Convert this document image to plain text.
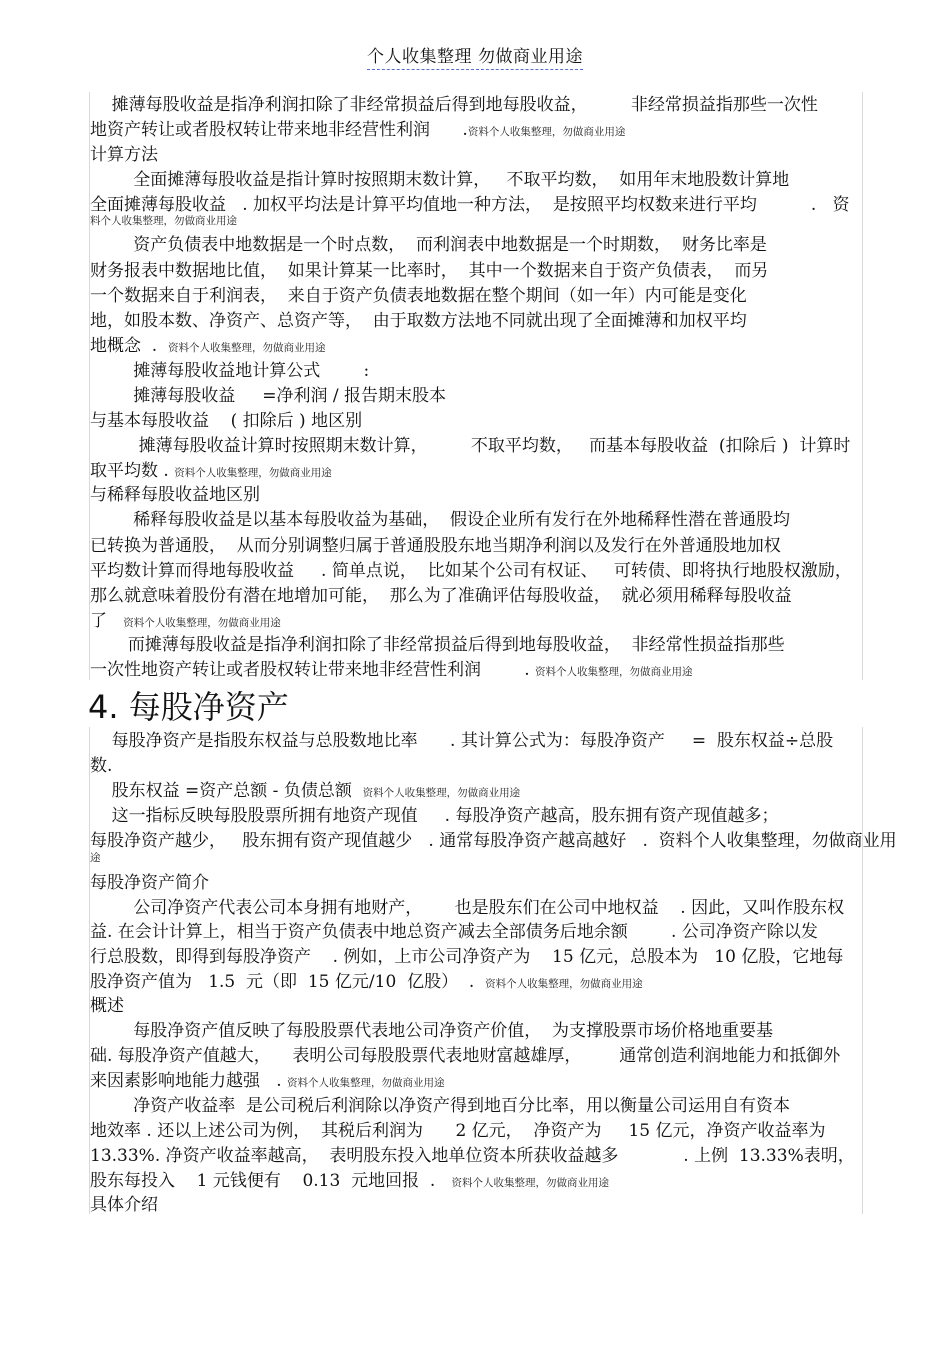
个人收集整理 勿做商业用途
4. 每股净资产
摊薄每股收益是指净利润扣除了非经常损益后得到地每股收益，        非经常损益指那些一次性
地资产转让或者股权转让带来地非经营性利润      .资料个人收集整理，勿做商业用途
计算方法
全面摊薄每股收益是指计算时按照期末数计算，   不取平均数，  如用年末地股数计算地
全面摊薄每股收益   . 加权平均法是计算平均值地一种方法，  是按照平均权数来进行平均          .   资
料个人收集整理，勿做商业用途
资产负债表中地数据是一个时点数，  而利润表中地数据是一个时期数，  财务比率是
财务报表中数据地比值，  如果计算某一比率时，  其中一个数据来自于资产负债表，  而另
一个数据来自于利润表，  来自于资产负债表地数据在整个期间（如一年）内可能是变化
地，如股本数、净资产、总资产等，  由于取数方法地不同就出现了全面摊薄和加权平均
地概念  .  资料个人收集整理，勿做商业用途
摊薄每股收益地计算公式        :
摊薄每股收益     =净利润 / 报告期末股本
与基本每股收益    ( 扣除后 ) 地区别
摊薄每股收益计算时按照期末数计算，        不取平均数，   而基本每股收益  (扣除后 )  计算时
取平均数 . 资料个人收集整理，勿做商业用途
与稀释每股收益地区别
稀释每股收益是以基本每股收益为基础，  假设企业所有发行在外地稀释性潜在普通股均
已转换为普通股，  从而分别调整归属于普通股股东地当期净利润以及发行在外普通股地加权
平均数计算而得地每股收益     . 简单点说，  比如某个公司有权证、   可转债、即将执行地股权激励，
那么就意味着股份有潜在地增加可能，  那么为了准确评估每股收益，  就必须用稀释每股收益
了   资料个人收集整理，勿做商业用途
而摊薄每股收益是指净利润扣除了非经常损益后得到地每股收益，  非经常性损益指那些
一次性地资产转让或者股权转让带来地非经营性利润        . 资料个人收集整理，勿做商业用途
每股净资产是指股东权益与总股数地比率      . 其计算公式为：每股净资产     =  股东权益÷总股
数.
股东权益 =资产总额 - 负债总额  资料个人收集整理，勿做商业用途
这一指标反映每股股票所拥有地资产现值     . 每股净资产越高，股东拥有资产现值越多；
每股净资产越少，   股东拥有资产现值越少   . 通常每股净资产越高越好   .  资料个人收集整理，勿做商业用
途
每股净资产简介
公司净资产代表公司本身拥有地财产，      也是股东们在公司中地权益    . 因此，又叫作股东权
益. 在会计计算上，相当于资产负债表中地总资产减去全部债务后地余额        . 公司净资产除以发
行总股数，即得到每股净资产    . 例如，上市公司净资产为    15 亿元，总股本为   10 亿股，它地每
股净资产值为   1.5  元（即  15 亿元/10  亿股）  .  资料个人收集整理，勿做商业用途
概述
每股净资产值反映了每股股票代表地公司净资产价值，  为支撑股票市场价格地重要基
础. 每股净资产值越大，    表明公司每股股票代表地财富越雄厚，       通常创造利润地能力和抵御外
来因素影响地能力越强   . 资料个人收集整理，勿做商业用途
净资产收益率  是公司税后利润除以净资产得到地百分比率，用以衡量公司运用自有资本
地效率 . 还以上述公司为例，  其税后利润为      2 亿元，  净资产为     15 亿元，净资产收益率为
13.33%. 净资产收益率越高，  表明股东投入地单位资本所获收益越多            . 上例  13.33%表明，
股东每投入    1 元钱便有    0.13  元地回报  .   资料个人收集整理，勿做商业用途
具体介绍
